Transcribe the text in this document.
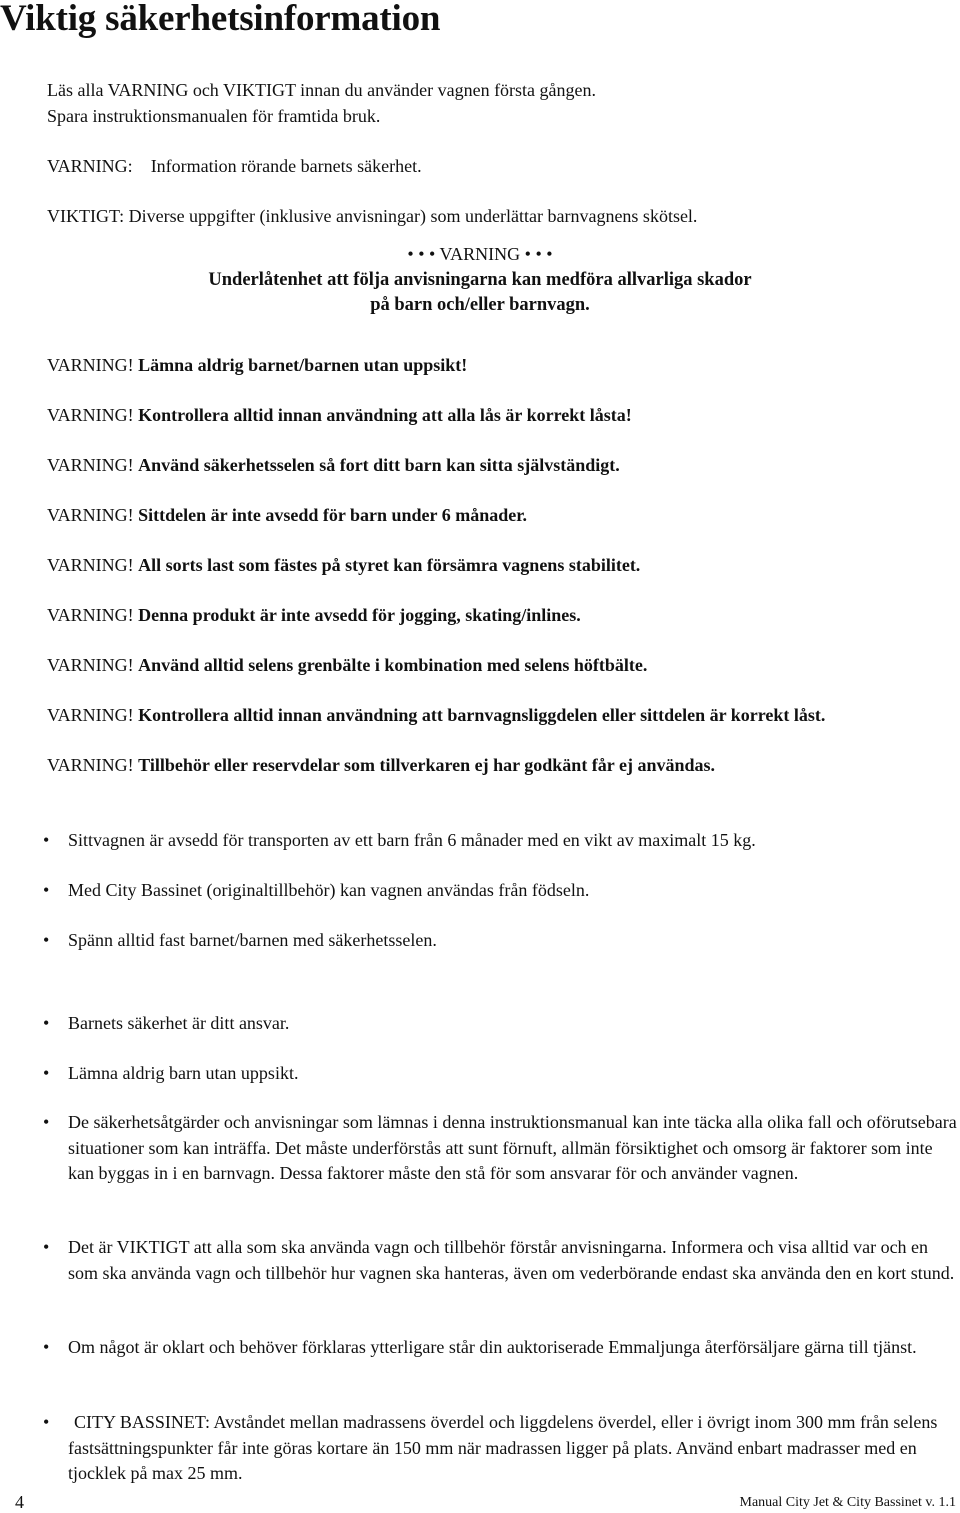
Viktig säkerhetsinformation
Läs alla VARNING och VIKTIGT innan du använder vagnen första gången.
Spara instruktionsmanualen för framtida bruk.
VARNING: Information rörande barnets säkerhet.
VIKTIGT: Diverse uppgifter (inklusive anvisningar) som underlättar barnvagnens skötsel.
• • • VARNING • • •
Underlåtenhet att följa anvisningarna kan medföra allvarliga skador
på barn och/eller barnvagn.
VARNING! Lämna aldrig barnet/barnen utan uppsikt!
VARNING! Kontrollera alltid innan användning att alla lås är korrekt låsta!
VARNING! Använd säkerhetsselen så fort ditt barn kan sitta självständigt.
VARNING! Sittdelen är inte avsedd för barn under 6 månader.
VARNING! All sorts last som fästes på styret kan försämra vagnens stabilitet.
VARNING! Denna produkt är inte avsedd för jogging, skating/inlines.
VARNING! Använd alltid selens grenbälte i kombination med selens höftbälte.
VARNING! Kontrollera alltid innan användning att barnvagnsliggdelen eller sittdelen är korrekt låst.
VARNING! Tillbehör eller reservdelar som tillverkaren ej har godkänt får ej användas.
•	Sittvagnen är avsedd för transporten av ett barn från 6 månader med en vikt av maximalt 15 kg.
•	Med City Bassinet (originaltillbehör) kan vagnen användas från födseln.
•	Spänn alltid fast barnet/barnen med säkerhetsselen.
•	Barnets säkerhet är ditt ansvar.
•	Lämna aldrig barn utan uppsikt.
•	De säkerhetsåtgärder och anvisningar som lämnas i denna instruktionsmanual kan inte täcka alla olika fall och oförutsebara situationer som kan inträffa. Det måste underförstås att sunt förnuft, allmän försiktighet och omsorg är faktorer som inte kan byggas in i en barnvagn. Dessa faktorer måste den stå för som ansvarar för och använder vagnen.
•	Det är VIKTIGT att alla som ska använda vagn och tillbehör förstår anvisningarna. Informera och visa alltid var och en som ska använda vagn och tillbehör hur vagnen ska hanteras, även om vederbörande endast ska använda den en kort stund.
•	Om något är oklart och behöver förklaras ytterligare står din auktoriserade Emmaljunga återförsäljare gärna till tjänst.
•	CITY BASSINET: Avståndet mellan madrassens överdel och liggdelens överdel, eller i övrigt inom 300 mm från selens fastsättningspunkter får inte göras kortare än 150 mm när madrassen ligger på plats. Använd enbart madrasser med en tjocklek på max 25 mm.
4	Manual City Jet & City Bassinet v. 1.1
